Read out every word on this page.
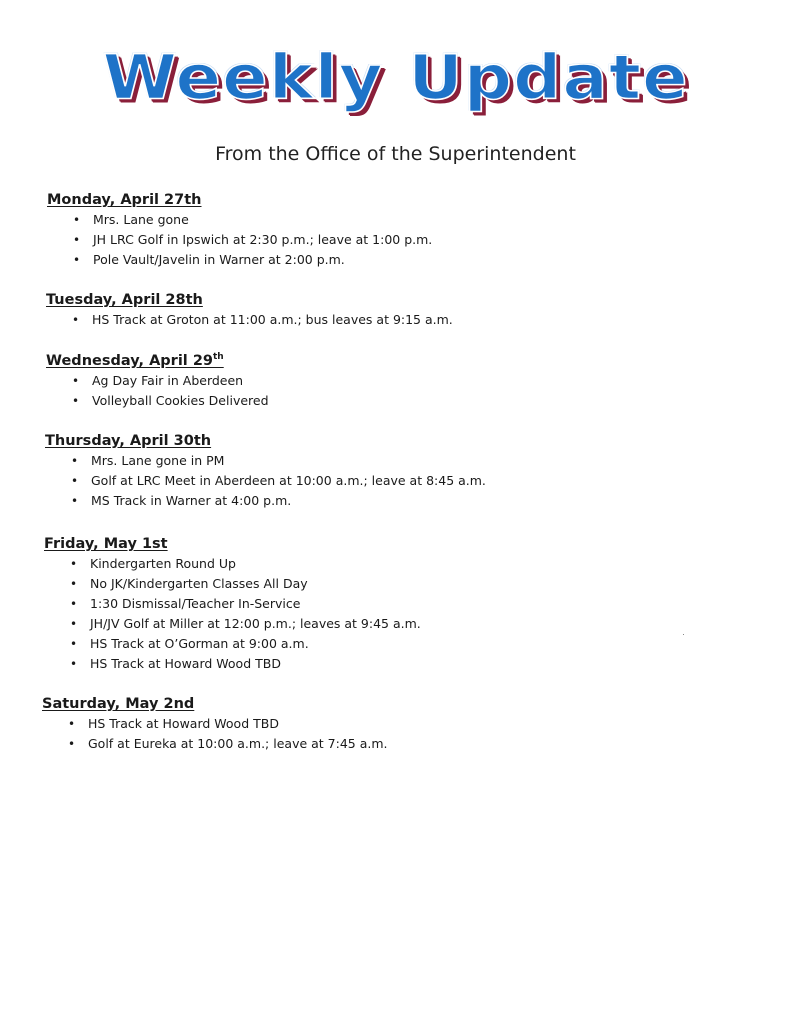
Weekly Update
From the Office of the Superintendent
Monday, April 27th
• Mrs. Lane gone
• JH LRC Golf in Ipswich at 2:30 p.m.; leave at 1:00 p.m.
• Pole Vault/Javelin in Warner at 2:00 p.m.
Tuesday, April 28th
• HS Track at Groton at 11:00 a.m.; bus leaves at 9:15 a.m.
Wednesday, April 29th
• Ag Day Fair in Aberdeen
• Volleyball Cookies Delivered
Thursday, April 30th
• Mrs. Lane gone in PM
• Golf at LRC Meet in Aberdeen at 10:00 a.m.; leave at 8:45 a.m.
• MS Track in Warner at 4:00 p.m.
Friday, May 1st
• Kindergarten Round Up
• No JK/Kindergarten Classes All Day
• 1:30 Dismissal/Teacher In-Service
• JH/JV Golf at Miller at 12:00 p.m.; leaves at 9:45 a.m.
• HS Track at O’Gorman at 9:00 a.m.
• HS Track at Howard Wood TBD
Saturday, May 2nd
• HS Track at Howard Wood TBD
• Golf at Eureka at 10:00 a.m.; leave at 7:45 a.m.
